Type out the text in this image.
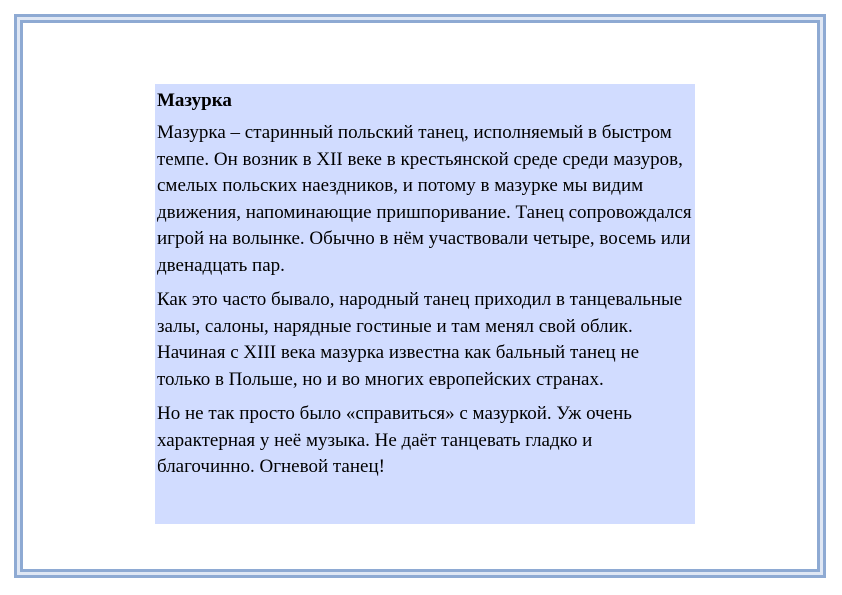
Мазурка

Мазурка – старинный польский танец, исполняемый в быстром темпе. Он возник в XII веке в крестьянской среде среди мазуров, смелых польских наездников, и потому в мазурке мы видим движения, напоминающие пришпоривание. Танец сопровождался игрой на волынке. Обычно в нём участвовали четыре, восемь или двенадцать пар.

Как это часто бывало, народный танец приходил в танцевальные залы, салоны, нарядные гостиные и там менял свой облик. Начиная с XIII века мазурка известна как бальный танец не только в Польше, но и во многих европейских странах.

Но не так просто было «справиться» с мазуркой. Уж очень характерная у неё музыка. Не даёт танцевать гладко и благочинно. Огневой танец!
